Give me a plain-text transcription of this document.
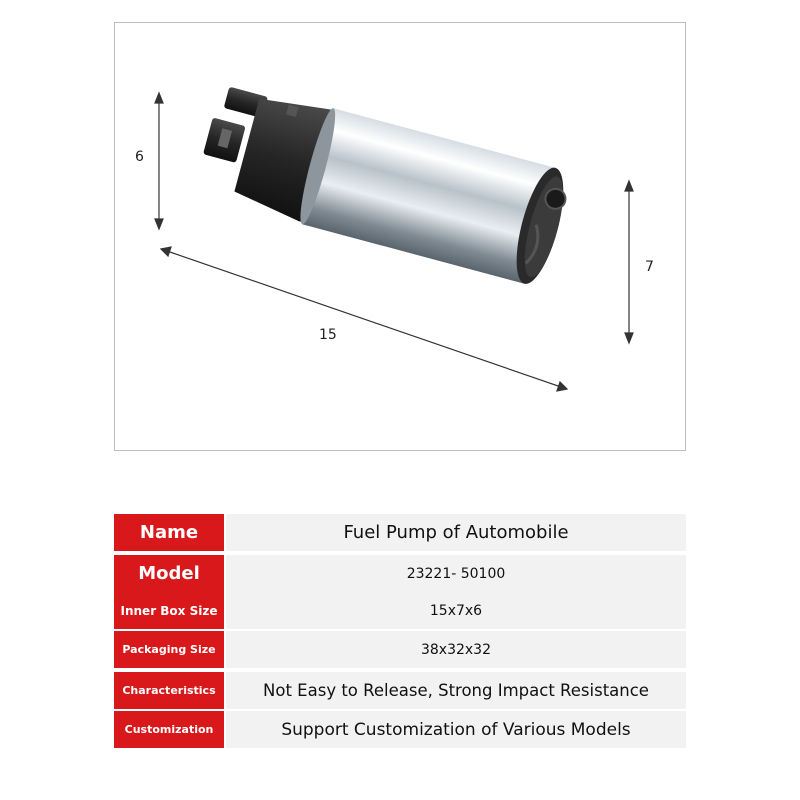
6
7
15
Name	Fuel Pump of Automobile
Model	23221- 50100
Inner Box Size	15x7x6
Packaging Size	38x32x32
Characteristics	Not Easy to Release, Strong Impact Resistance
Customization	Support Customization of Various Models
